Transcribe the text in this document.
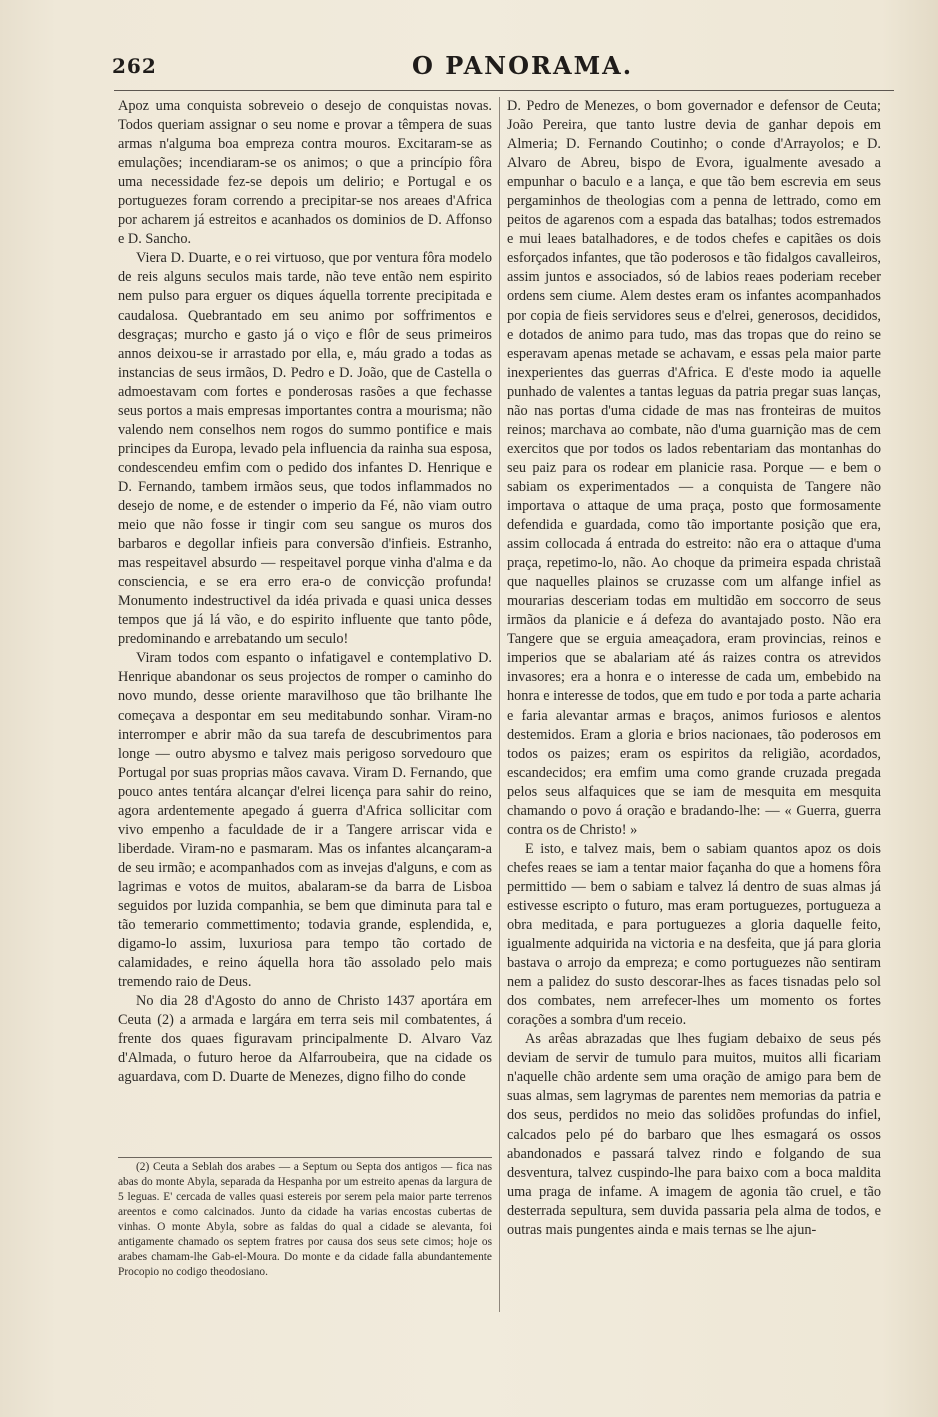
262	O PANORAMA.

Apoz uma conquista sobreveio o desejo de conquistas novas. Todos queriam assignar o seu nome e provar a têmpera de suas armas n'alguma boa empreza contra mouros. Excitaram-se as emulações; incendiaram-se os animos; o que a princípio fôra uma necessidade fez-se depois um delirio; e Portugal e os portuguezes foram correndo a precipitar-se nos areaes d'Africa por acharem já estreitos e acanhados os dominios de D. Affonso e D. Sancho.

Viera D. Duarte, e o rei virtuoso, que por ventura fôra modelo de reis alguns seculos mais tarde, não teve então nem espirito nem pulso para erguer os diques áquella torrente precipitada e caudalosa. Quebrantado em seu animo por soffrimentos e desgraças; murcho e gasto já o viço e flôr de seus primeiros annos deixou-se ir arrastado por ella, e, máu grado a todas as instancias de seus irmãos, D. Pedro e D. João, que de Castella o admoestavam com fortes e ponderosas rasões a que fechasse seus portos a mais empresas importantes contra a mourisma; não valendo nem conselhos nem rogos do summo pontifice e mais principes da Europa, levado pela influencia da rainha sua esposa, condescendeu emfim com o pedido dos infantes D. Henrique e D. Fernando, tambem irmãos seus, que todos inflammados no desejo de nome, e de estender o imperio da Fé, não viam outro meio que não fosse ir tingir com seu sangue os muros dos barbaros e degollar infieis para conversão d'infieis. Estranho, mas respeitavel absurdo — respeitavel porque vinha d'alma e da consciencia, e se era erro era-o de convicção profunda! Monumento indestructivel da idéa privada e quasi unica desses tempos que já lá vão, e do espirito influente que tanto pôde, predominando e arrebatando um seculo!

Viram todos com espanto o infatigavel e contemplativo D. Henrique abandonar os seus projectos de romper o caminho do novo mundo, desse oriente maravilhoso que tão brilhante lhe começava a despontar em seu meditabundo sonhar. Viram-no interromper e abrir mão da sua tarefa de descubrimentos para longe — outro abysmo e talvez mais perigoso sorvedouro que Portugal por suas proprias mãos cavava. Viram D. Fernando, que pouco antes tentára alcançar d'elrei licença para sahir do reino, agora ardentemente apegado á guerra d'Africa sollicitar com vivo empenho a faculdade de ir a Tangere arriscar vida e liberdade. Viram-no e pasmaram. Mas os infantes alcançaram-a de seu irmão; e acompanhados com as invejas d'alguns, e com as lagrimas e votos de muitos, abalaram-se da barra de Lisboa seguidos por luzida companhia, se bem que diminuta para tal e tão temerario commettimento; todavia grande, esplendida, e, digamo-lo assim, luxuriosa para tempo tão cortado de calamidades, e reino áquella hora tão assolado pelo mais tremendo raio de Deus.

No dia 28 d'Agosto do anno de Christo 1437 aportára em Ceuta (2) a armada e largára em terra seis mil combatentes, á frente dos quaes figuravam principalmente D. Alvaro Vaz d'Almada, o futuro heroe da Alfarroubeira, que na cidade os aguardava, com D. Duarte de Menezes, digno filho do conde

(2) Ceuta a Seblah dos arabes — a Septum ou Septa dos antigos — fica nas abas do monte Abyla, separada da Hespanha por um estreito apenas da largura de 5 leguas. E' cercada de valles quasi estereis por serem pela maior parte terrenos areentos e como calcinados. Junto da cidade ha varias encostas cubertas de vinhas. O monte Abyla, sobre as faldas do qual a cidade se alevanta, foi antigamente chamado os septem fratres por causa dos seus sete cimos; hoje os arabes chamam-lhe Gab-el-Moura. Do monte e da cidade falla abundantemente Procopio no codigo theodosiano.

D. Pedro de Menezes, o bom governador e defensor de Ceuta; João Pereira, que tanto lustre devia de ganhar depois em Almeria; D. Fernando Coutinho; o conde d'Arrayolos; e D. Alvaro de Abreu, bispo de Evora, igualmente avesado a empunhar o baculo e a lança, e que tão bem escrevia em seus pergaminhos de theologias com a penna de lettrado, como em peitos de agarenos com a espada das batalhas; todos estremados e mui leaes batalhadores, e de todos chefes e capitães os dois esforçados infantes, que tão poderosos e tão fidalgos cavalleiros, assim juntos e associados, só de labios reaes poderiam receber ordens sem ciume. Alem destes eram os infantes acompanhados por copia de fieis servidores seus e d'elrei, generosos, decididos, e dotados de animo para tudo, mas das tropas que do reino se esperavam apenas metade se achavam, e essas pela maior parte inexperientes das guerras d'Africa. E d'este modo ia aquelle punhado de valentes a tantas leguas da patria pregar suas lanças, não nas portas d'uma cidade de mas nas fronteiras de muitos reinos; marchava ao combate, não d'uma guarnição mas de cem exercitos que por todos os lados rebentariam das montanhas do seu paiz para os rodear em planicie rasa. Porque — e bem o sabiam os experimentados — a conquista de Tangere não importava o attaque de uma praça, posto que formosamente defendida e guardada, como tão importante posição que era, assim collocada á entrada do estreito: não era o attaque d'uma praça, repetimo-lo, não. Ao choque da primeira espada christaã que naquelles plainos se cruzasse com um alfange infiel as mourarias desceriam todas em multidão em soccorro de seus irmãos da planicie e á defeza do avantajado posto. Não era Tangere que se erguia ameaçadora, eram provincias, reinos e imperios que se abalariam até ás raizes contra os atrevidos invasores; era a honra e o interesse de cada um, embebido na honra e interesse de todos, que em tudo e por toda a parte acharia e faria alevantar armas e braços, animos furiosos e alentos destemidos. Eram a gloria e brios nacionaes, tão poderosos em todos os paizes; eram os espiritos da religião, acordados, escandecidos; era emfim uma como grande cruzada pregada pelos seus alfaquices que se iam de mesquita em mesquita chamando o povo á oração e bradando-lhe: — « Guerra, guerra contra os de Christo! »

E isto, e talvez mais, bem o sabiam quantos apoz os dois chefes reaes se iam a tentar maior façanha do que a homens fôra permittido — bem o sabiam e talvez lá dentro de suas almas já estivesse escripto o futuro, mas eram portuguezes, portugueza a obra meditada, e para portuguezes a gloria daquelle feito, igualmente adquirida na victoria e na desfeita, que já para gloria bastava o arrojo da empreza; e como portuguezes não sentiram nem a palidez do susto descorar-lhes as faces tisnadas pelo sol dos combates, nem arrefecer-lhes um momento os fortes corações a sombra d'um receio.

As arêas abrazadas que lhes fugiam debaixo de seus pés deviam de servir de tumulo para muitos, muitos alli ficariam n'aquelle chão ardente sem uma oração de amigo para bem de suas almas, sem lagrymas de parentes nem memorias da patria e dos seus, perdidos no meio das solidões profundas do infiel, calcados pelo pé do barbaro que lhes esmagará os ossos abandonados e passará talvez rindo e folgando de sua desventura, talvez cuspindo-lhe para baixo com a boca maldita uma praga de infame. A imagem de agonia tão cruel, e tão desterrada sepultura, sem duvida passaria pela alma de todos, e outras mais pungentes ainda e mais ternas se lhe ajun-
